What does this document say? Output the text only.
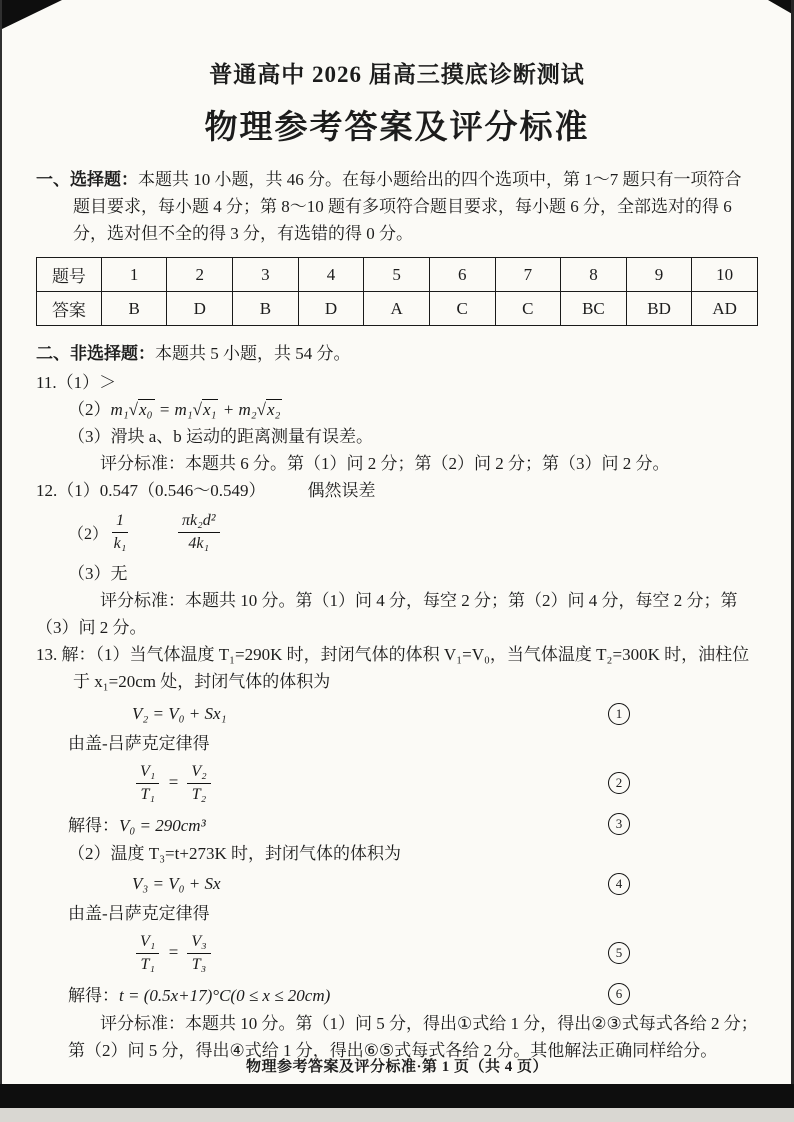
普通高中 2026 届高三摸底诊断测试
物理参考答案及评分标准

一、选择题：本题共 10 小题，共 46 分。在每小题给出的四个选项中，第 1～7 题只有一项符合题目要求，每小题 4 分；第 8～10 题有多项符合题目要求，每小题 6 分，全部选对的得 6 分，选对但不全的得 3 分，有选错的得 0 分。

题号	1	2	3	4	5	6	7	8	9	10
答案	B	D	B	D	A	C	C	BC	BD	AD

二、非选择题：本题共 5 小题，共 54 分。

11.（1）＞

（2）m₁√x₀ = m₁√x₁ + m₂√x₂

（3）滑块 a、b 运动的距离测量有误差。

评分标准：本题共 6 分。第（1）问 2 分；第（2）问 2 分；第（3）问 2 分。

12.（1）0.547（0.546～0.549） 偶然误差

$(2) \frac{1}{\text{k₁}}$	$\frac{\text{πk₂d²}}{\text{4k₁}}$

（3）无

评分标准：本题共 10 分。第（1）问 4 分，每空 2 分；第（2）问 4 分，每空 2 分；第（3）问 2 分。

13. 解：（1）当气体温度 T₁=290K 时，封闭气体的体积 V₁=V₀，当气体温度 T₂=300K 时，油柱位于 x₁=20cm 处，封闭气体的体积为

V₂ = V₀ + Sx₁	1

由盖-吕萨克定律得

$\frac{\text{V₁}}{\text{T₁}} = \frac{\text{V₂}}{\text{T₂}}$	2
解得：V₀ = 290cm³	3

（2）温度 T₃=t+273K 时，封闭气体的体积为

V₃ = V₀ + Sx	4

由盖-吕萨克定律得

$\frac{\text{V₁}}{\text{T₁}} = \frac{\text{V₃}}{\text{T₃}}$	5
解得：t = (0.5x+17)°C(0 ≤ x ≤ 20cm)	6

评分标准：本题共 10 分。第（1）问 5 分，得出①式给 1 分，得出②③式每式各给 2 分；第（2）问 5 分，得出④式给 1 分，得出⑥⑤式每式各给 2 分。其他解法正确同样给分。

物理参考答案及评分标准·第 1 页（共 4 页）
